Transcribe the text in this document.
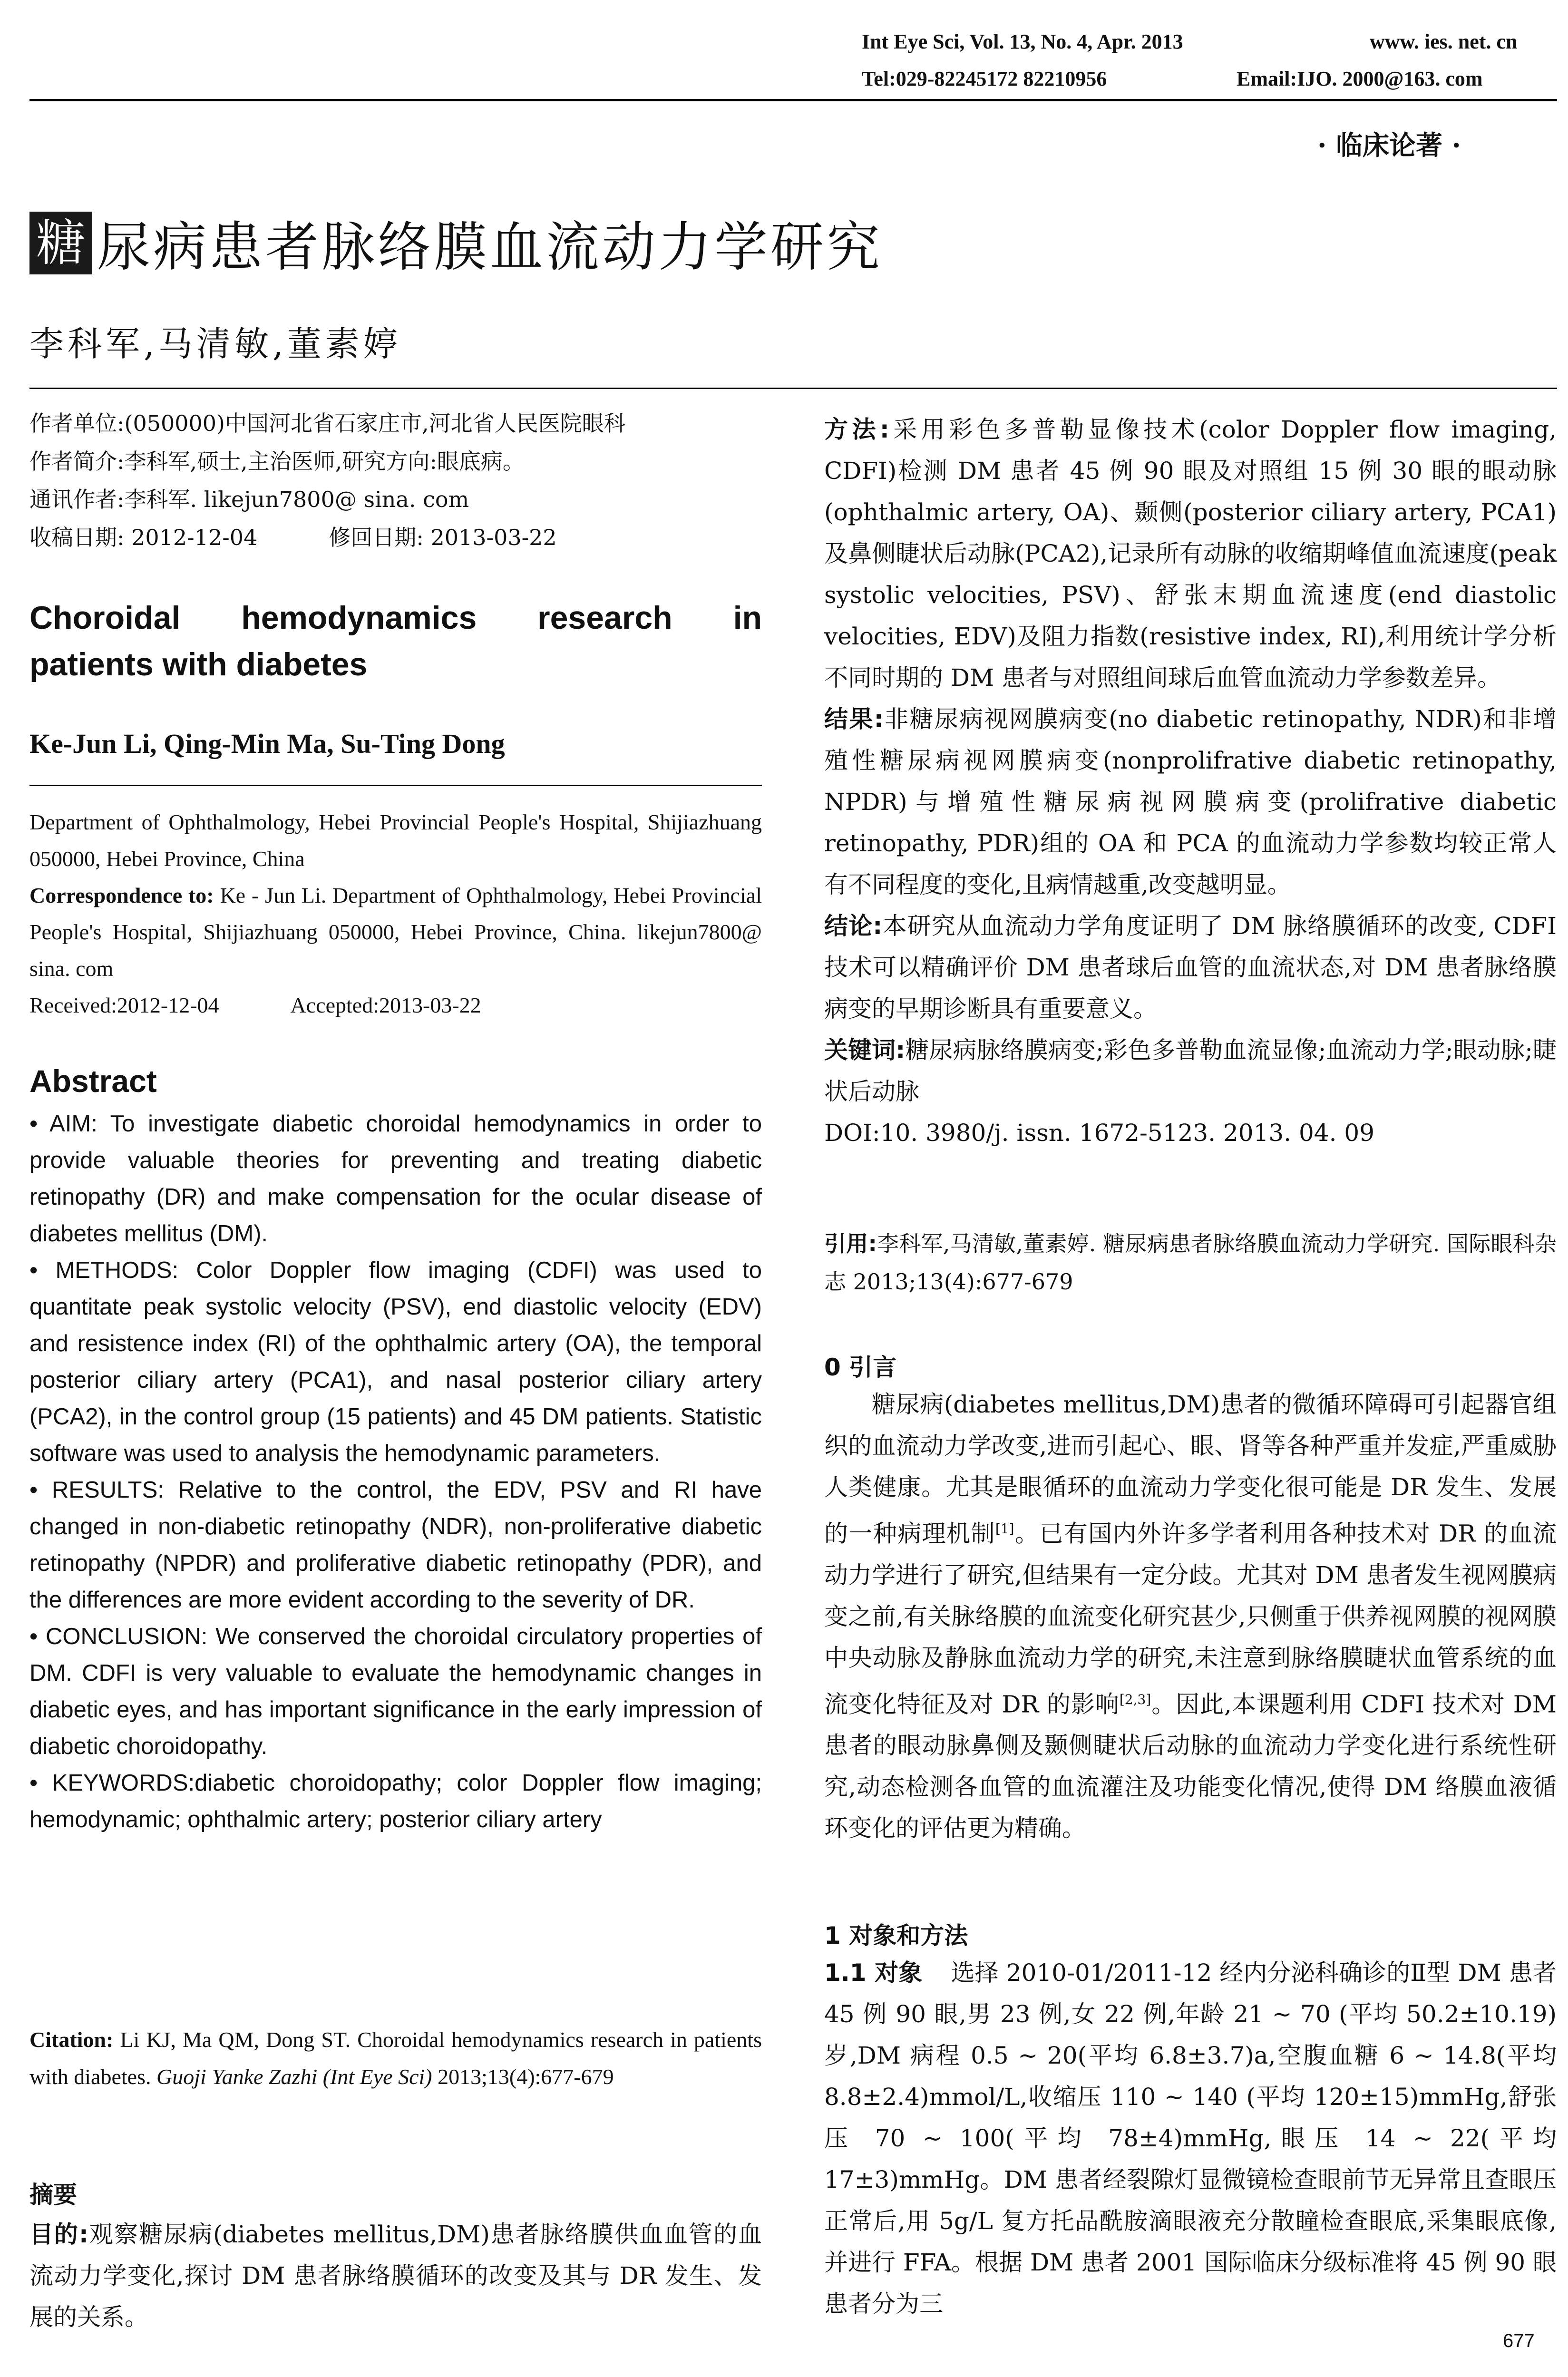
Int Eye Sci, Vol. 13, No. 4, Apr. 2013	www. ies. net. cn
Tel:029-82245172 82210956	Email:IJO. 2000@163. com
· 临床论著 ·
糖 尿病患者脉络膜血流动力学研究
李科军,马清敏,董素婷

作者单位:(050000)中国河北省石家庄市,河北省人民医院眼科

作者简介:李科军,硕士,主治医师,研究方向:眼底病。

通讯作者:李科军. likejun7800@ sina. com

收稿日期: 2012-12-04	修回日期: 2013-03-22

Choroidal hemodynamics research in
patients with diabetes
Ke-Jun Li, Qing-Min Ma, Su-Ting Dong

Department of Ophthalmology, Hebei Provincial People's Hospital, Shijiazhuang 050000, Hebei Province, China

Correspondence to: Ke - Jun Li. Department of Ophthalmology, Hebei Provincial People's Hospital, Shijiazhuang 050000, Hebei Province, China. likejun7800@ sina. com

Received:2012-12-04	Accepted:2013-03-22

Abstract

• AIM: To investigate diabetic choroidal hemodynamics in order to provide valuable theories for preventing and treating diabetic retinopathy (DR) and make compensation for the ocular disease of diabetes mellitus (DM).

• METHODS: Color Doppler flow imaging (CDFI) was used to quantitate peak systolic velocity (PSV), end diastolic velocity (EDV) and resistence index (RI) of the ophthalmic artery (OA), the temporal posterior ciliary artery (PCA1), and nasal posterior ciliary artery (PCA2), in the control group (15 patients) and 45 DM patients. Statistic software was used to analysis the hemodynamic parameters.

• RESULTS: Relative to the control, the EDV, PSV and RI have changed in non-diabetic retinopathy (NDR), non-proliferative diabetic retinopathy (NPDR) and proliferative diabetic retinopathy (PDR), and the differences are more evident according to the severity of DR.

• CONCLUSION: We conserved the choroidal circulatory properties of DM. CDFI is very valuable to evaluate the hemodynamic changes in diabetic eyes, and has important significance in the early impression of diabetic choroidopathy.

• KEYWORDS:diabetic choroidopathy; color Doppler flow imaging; hemodynamic; ophthalmic artery; posterior ciliary artery

Citation: Li KJ, Ma QM, Dong ST. Choroidal hemodynamics research in patients with diabetes. Guoji Yanke Zazhi (Int Eye Sci) 2013;13(4):677-679

摘要

目的:观察糖尿病(diabetes mellitus,DM)患者脉络膜供血血管的血流动力学变化,探讨 DM 患者脉络膜循环的改变及其与 DR 发生、发展的关系。

方法:采用彩色多普勒显像技术(color Doppler flow imaging, CDFI)检测 DM 患者 45 例 90 眼及对照组 15 例 30 眼的眼动脉(ophthalmic artery, OA)、颞侧(posterior ciliary artery, PCA1)及鼻侧睫状后动脉(PCA2),记录所有动脉的收缩期峰值血流速度(peak systolic velocities, PSV)、舒张末期血流速度(end diastolic velocities, EDV)及阻力指数(resistive index, RI),利用统计学分析不同时期的 DM 患者与对照组间球后血管血流动力学参数差异。

结果:非糖尿病视网膜病变(no diabetic retinopathy, NDR)和非增殖性糖尿病视网膜病变(nonprolifrative diabetic retinopathy, NPDR)与增殖性糖尿病视网膜病变(prolifrative diabetic retinopathy, PDR)组的 OA 和 PCA 的血流动力学参数均较正常人有不同程度的变化,且病情越重,改变越明显。

结论:本研究从血流动力学角度证明了 DM 脉络膜循环的改变, CDFI 技术可以精确评价 DM 患者球后血管的血流状态,对 DM 患者脉络膜病变的早期诊断具有重要意义。

关键词:糖尿病脉络膜病变;彩色多普勒血流显像;血流动力学;眼动脉;睫状后动脉

DOI:10. 3980/j. issn. 1672-5123. 2013. 04. 09

引用:李科军,马清敏,董素婷. 糖尿病患者脉络膜血流动力学研究. 国际眼科杂志 2013;13(4):677-679

0 引言

糖尿病(diabetes mellitus,DM)患者的微循环障碍可引起器官组织的血流动力学改变,进而引起心、眼、肾等各种严重并发症,严重威胁人类健康。尤其是眼循环的血流动力学变化很可能是 DR 发生、发展的一种病理机制[1]。已有国内外许多学者利用各种技术对 DR 的血流动力学进行了研究,但结果有一定分歧。尤其对 DM 患者发生视网膜病变之前,有关脉络膜的血流变化研究甚少,只侧重于供养视网膜的视网膜中央动脉及静脉血流动力学的研究,未注意到脉络膜睫状血管系统的血流变化特征及对 DR 的影响[2,3]。因此,本课题利用 CDFI 技术对 DM 患者的眼动脉鼻侧及颞侧睫状后动脉的血流动力学变化进行系统性研究,动态检测各血管的血流灌注及功能变化情况,使得 DM 络膜血液循环变化的评估更为精确。

1 对象和方法

1.1 对象 选择 2010-01/2011-12 经内分泌科确诊的Ⅱ型 DM 患者 45 例 90 眼,男 23 例,女 22 例,年龄 21 ~ 70 (平均 50.2±10.19)岁,DM 病程 0.5 ~ 20(平均 6.8±3.7)a,空腹血糖 6 ~ 14.8(平均 8.8±2.4)mmol/L,收缩压 110 ~ 140 (平均 120±15)mmHg,舒张压 70 ~ 100(平均 78±4)mmHg,眼压 14 ~ 22(平均 17±3)mmHg。DM 患者经裂隙灯显微镜检查眼前节无异常且查眼压正常后,用 5g/L 复方托品酰胺滴眼液充分散瞳检查眼底,采集眼底像,并进行 FFA。根据 DM 患者 2001 国际临床分级标准将 45 例 90 眼患者分为三

677
